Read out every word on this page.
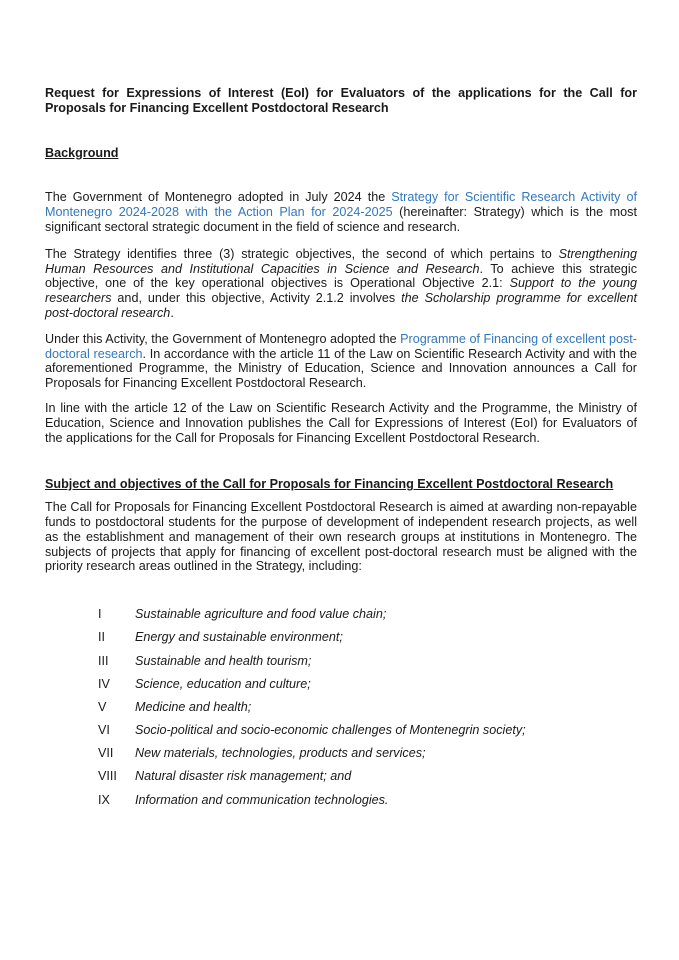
Request for Expressions of Interest (EoI) for Evaluators of the applications for the Call for Proposals for Financing Excellent Postdoctoral Research
Background

The Government of Montenegro adopted in July 2024 the Strategy for Scientific Research Activity of Montenegro 2024-2028 with the Action Plan for 2024-2025 (hereinafter: Strategy) which is the most significant sectoral strategic document in the field of science and research.

The Strategy identifies three (3) strategic objectives, the second of which pertains to Strengthening Human Resources and Institutional Capacities in Science and Research. To achieve this strategic objective, one of the key operational objectives is Operational Objective 2.1: Support to the young researchers and, under this objective, Activity 2.1.2 involves the Scholarship programme for excellent post-doctoral research.

Under this Activity, the Government of Montenegro adopted the Programme of Financing of excellent post-doctoral research. In accordance with the article 11 of the Law on Scientific Research Activity and with the aforementioned Programme, the Ministry of Education, Science and Innovation announces a Call for Proposals for Financing Excellent Postdoctoral Research.

In line with the article 12 of the Law on Scientific Research Activity and the Programme, the Ministry of Education, Science and Innovation publishes the Call for Expressions of Interest (EoI) for Evaluators of the applications for the Call for Proposals for Financing Excellent Postdoctoral Research.

Subject and objectives of the Call for Proposals for Financing Excellent Postdoctoral Research

The Call for Proposals for Financing Excellent Postdoctoral Research is aimed at awarding non-repayable funds to postdoctoral students for the purpose of development of independent research projects, as well as the establishment and management of their own research groups at institutions in Montenegro. The subjects of projects that apply for financing of excellent post-doctoral research must be aligned with the priority research areas outlined in the Strategy, including:

I	Sustainable agriculture and food value chain;
II	Energy and sustainable environment;
III	Sustainable and health tourism;
IV	Science, education and culture;
V	Medicine and health;
VI	Socio-political and socio-economic challenges of Montenegrin society;
VII	New materials, technologies, products and services;
VIII	Natural disaster risk management; and
IX	Information and communication technologies.
